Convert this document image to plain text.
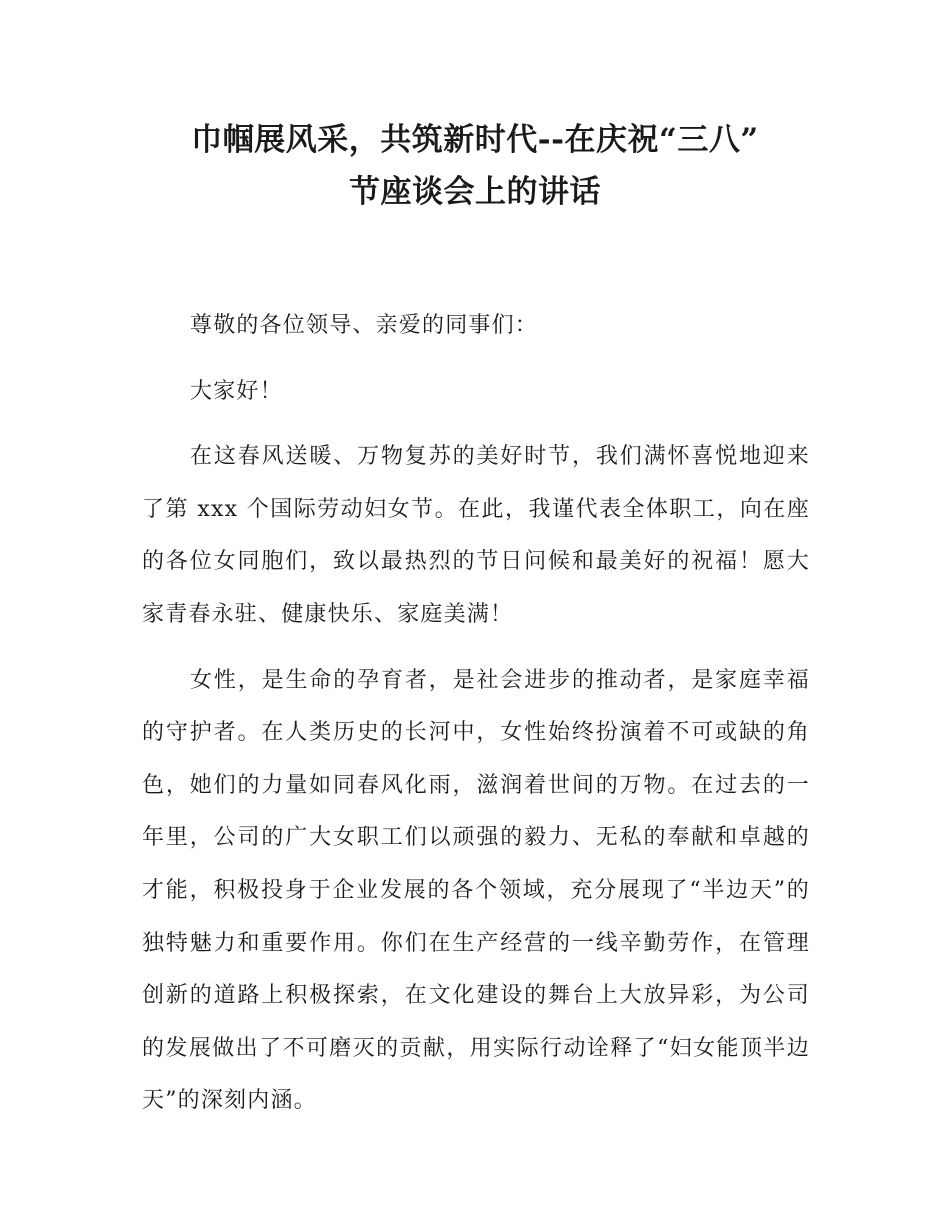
巾帼展风采，共筑新时代--在庆祝“三八”
节座谈会上的讲话

尊敬的各位领导、亲爱的同事们：

大家好！

在这春风送暖、万物复苏的美好时节，我们满怀喜悦地迎来了第 xxx 个国际劳动妇女节。在此，我谨代表全体职工，向在座的各位女同胞们，致以最热烈的节日问候和最美好的祝福！愿大家青春永驻、健康快乐、家庭美满！

女性，是生命的孕育者，是社会进步的推动者，是家庭幸福的守护者。在人类历史的长河中，女性始终扮演着不可或缺的角色，她们的力量如同春风化雨，滋润着世间的万物。在过去的一年里，公司的广大女职工们以顽强的毅力、无私的奉献和卓越的才能，积极投身于企业发展的各个领域，充分展现了“半边天”的独特魅力和重要作用。你们在生产经营的一线辛勤劳作，在管理创新的道路上积极探索，在文化建设的舞台上大放异彩，为公司的发展做出了不可磨灭的贡献，用实际行动诠释了“妇女能顶半边天”的深刻内涵。
